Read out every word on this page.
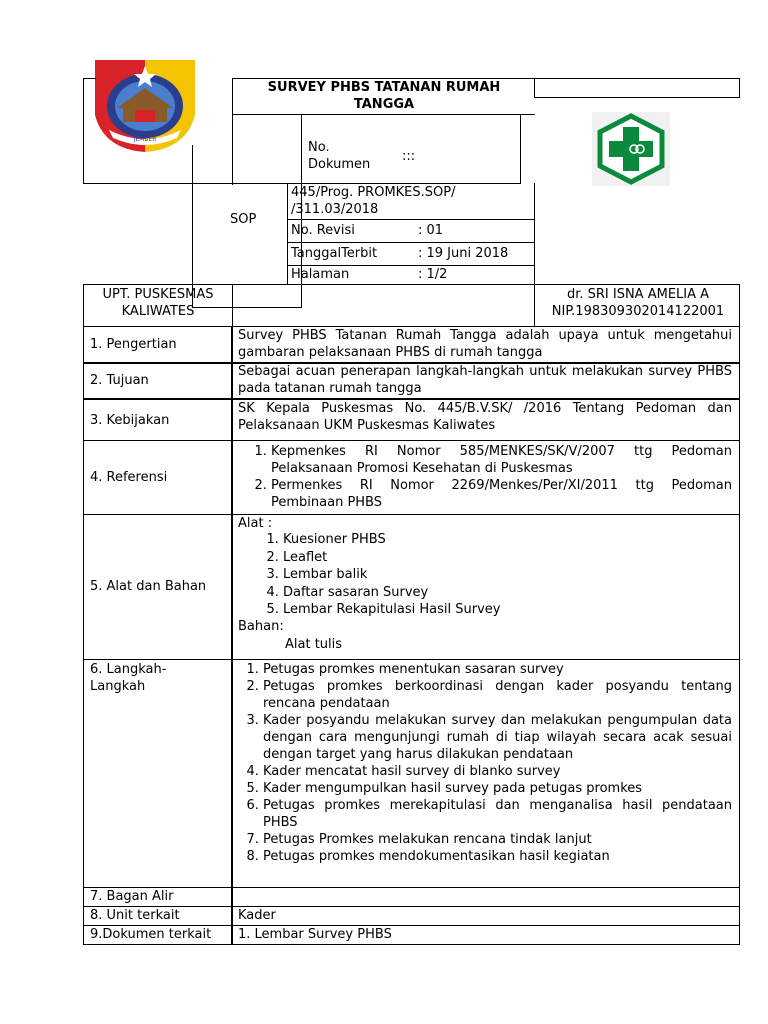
JEMBER
SURVEY PHBS TATANAN RUMAH TANGGA
No. Dokumen
:::
SOP
445/Prog. PROMKES.SOP/ /311.03/2018
No. Revisi	: 01
TanggalTerbit	: 19 Juni 2018
Halaman	: 1/2
UPT. PUSKESMAS KALIWATES
dr. SRI ISNA AMELIA A
NIP.198309302014122001
1. Pengertian
Survey PHBS Tatanan Rumah Tangga adalah upaya untuk mengetahui gambaran pelaksanaan PHBS di rumah tangga
2. Tujuan
Sebagai acuan penerapan langkah-langkah untuk melakukan survey PHBS pada tatanan rumah tangga
3. Kebijakan
SK Kepala Puskesmas No. 445/B.V.SK/ /2016 Tentang Pedoman dan Pelaksanaan UKM Puskesmas Kaliwates
4. Referensi
1. Kepmenkes RI Nomor 585/MENKES/SK/V/2007 ttg Pedoman Pelaksanaan Promosi Kesehatan di Puskesmas
2. Permenkes RI Nomor 2269/Menkes/Per/XI/2011 ttg Pedoman Pembinaan PHBS
5. Alat dan Bahan
Alat :
1. Kuesioner PHBS
2. Leaflet
3. Lembar balik
4. Daftar sasaran Survey
5. Lembar Rekapitulasi Hasil Survey
Bahan:
Alat tulis
6. Langkah-Langkah
1. Petugas promkes menentukan sasaran survey
2. Petugas promkes berkoordinasi dengan kader posyandu tentang rencana pendataan
3. Kader posyandu melakukan survey dan melakukan pengumpulan data dengan cara mengunjungi rumah di tiap wilayah secara acak sesuai dengan target yang harus dilakukan pendataan
4. Kader mencatat hasil survey di blanko survey
5. Kader mengumpulkan hasil survey pada petugas promkes
6. Petugas promkes merekapitulasi dan menganalisa hasil pendataan PHBS
7. Petugas Promkes melakukan rencana tindak lanjut
8. Petugas promkes mendokumentasikan hasil kegiatan
7. Bagan Alir
8. Unit terkait	Kader
9.Dokumen terkait 1. Lembar Survey PHBS
